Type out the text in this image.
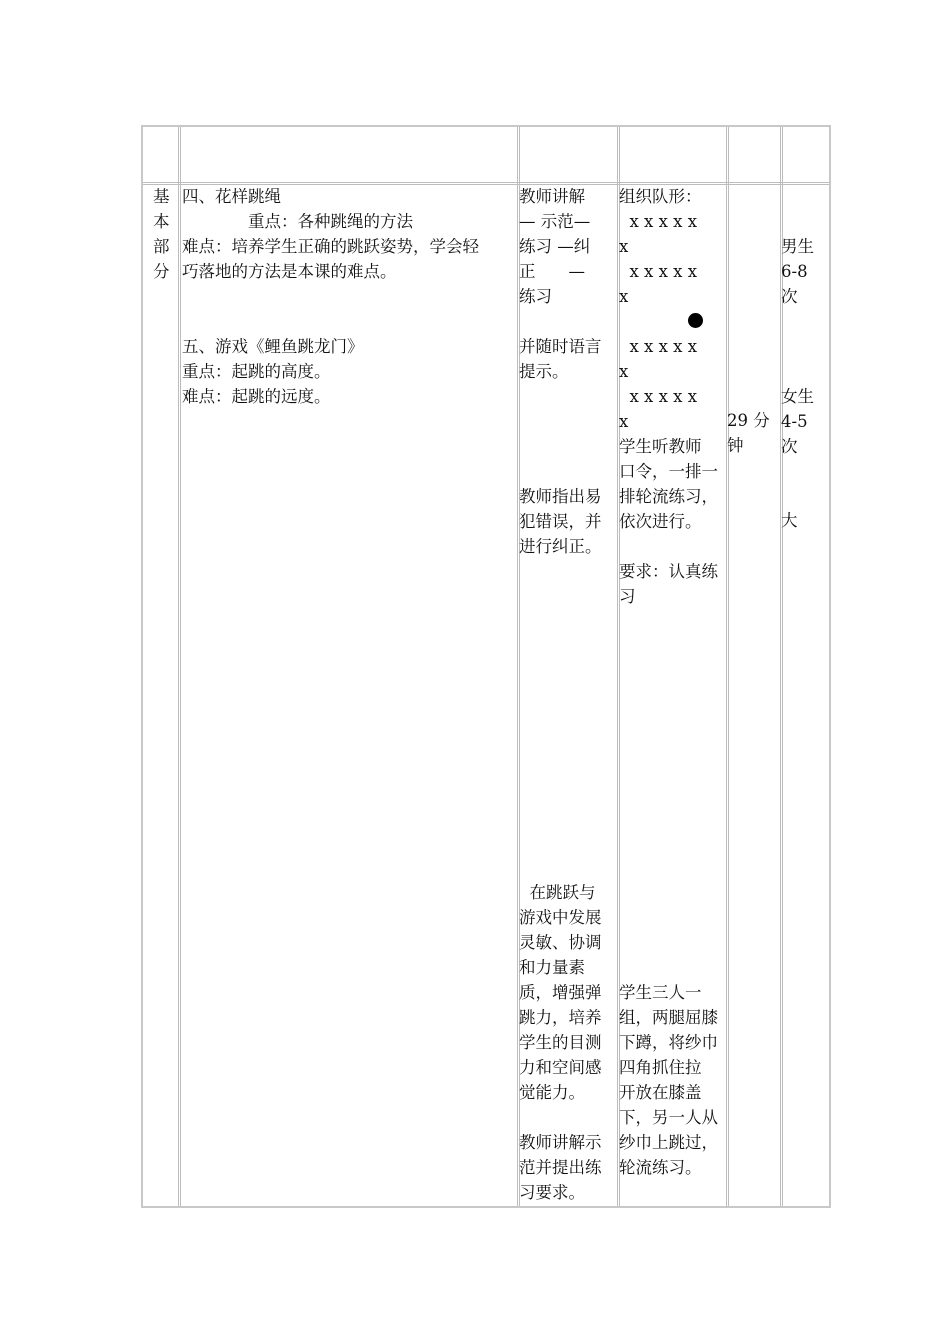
基
本
部
分
四、花样跳绳
　　　　重点：各种跳绳的方法
难点：培养学生正确的跳跃姿势，学会轻
巧落地的方法是本课的难点。
五、游戏《鲤鱼跳龙门》
重点：起跳的高度。
难点：起跳的远度。
教师讲解
— 示范—
练习 —纠
正　　—
练习
并随时语言
提示。
教师指出易
犯错误，并
进行纠正。
在跳跃与
游戏中发展
灵敏、协调
和力量素
质，增强弹
跳力，培养
学生的目测
力和空间感
觉能力。
教师讲解示
范并提出练
习要求。
组织队形：
x x x x x
x
x x x x x
x
x x x x x
x
x x x x x
x
学生听教师
口令，一排一
排轮流练习，
依次进行。
要求：认真练
习
学生三人一
组，两腿屈膝
下蹲，将纱巾
四角抓住拉
开放在膝盖
下，另一人从
纱巾上跳过，
轮流练习。
29 分
钟
男生
6-8
次
女生
4-5
次
大
